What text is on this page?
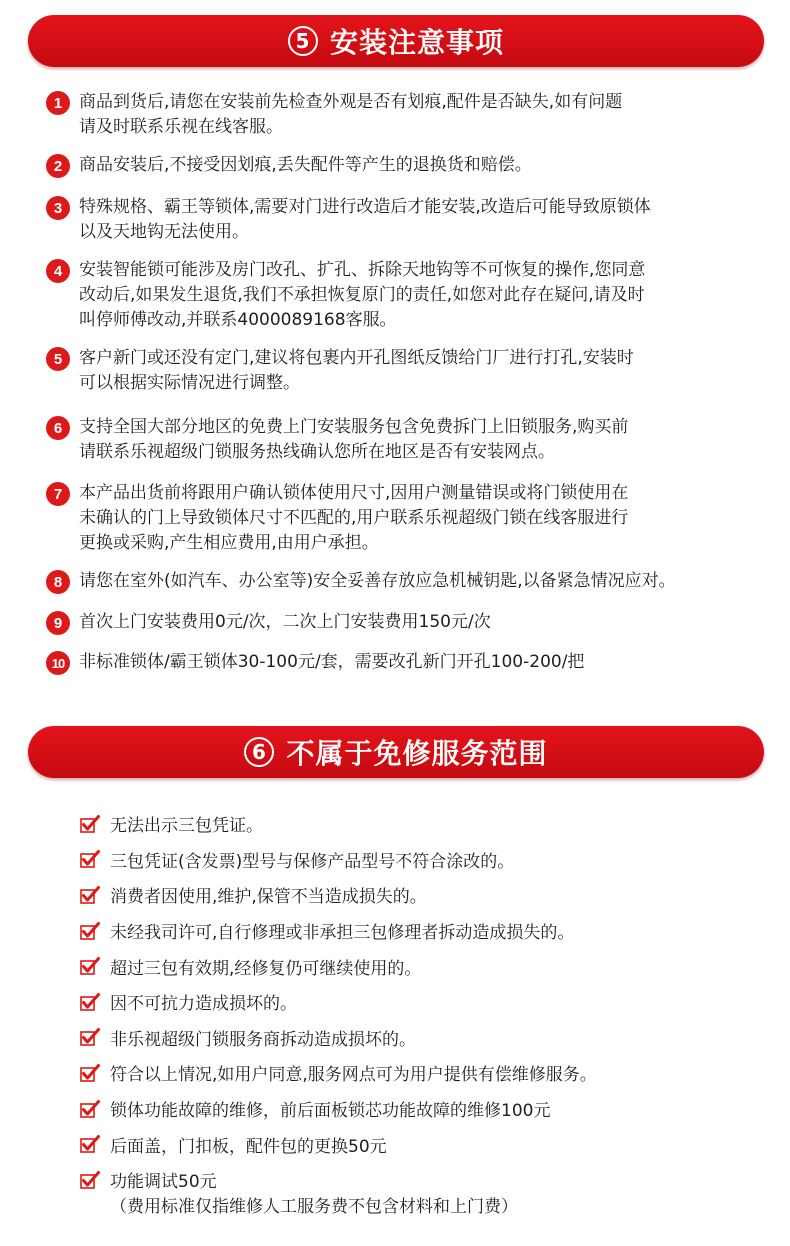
5 安装注意事项
1 商品到货后,请您在安装前先检查外观是否有划痕,配件是否缺失,如有问题
请及时联系乐视在线客服。
2 商品安装后,不接受因划痕,丢失配件等产生的退换货和赔偿。
3 特殊规格、霸王等锁体,需要对门进行改造后才能安装,改造后可能导致原锁体
以及天地钩无法使用。
4 安装智能锁可能涉及房门改孔、扩孔、拆除天地钩等不可恢复的操作,您同意
改动后,如果发生退货,我们不承担恢复原门的责任,如您对此存在疑问,请及时
叫停师傅改动,并联系4000089168客服。
5 客户新门或还没有定门,建议将包裹内开孔图纸反馈给门厂进行打孔,安装时
可以根据实际情况进行调整。
6 支持全国大部分地区的免费上门安装服务包含免费拆门上旧锁服务,购买前
请联系乐视超级门锁服务热线确认您所在地区是否有安装网点。
7 本产品出货前将跟用户确认锁体使用尺寸,因用户测量错误或将门锁使用在
未确认的门上导致锁体尺寸不匹配的,用户联系乐视超级门锁在线客服进行
更换或采购,产生相应费用,由用户承担。
8 请您在室外(如汽车、办公室等)安全妥善存放应急机械钥匙,以备紧急情况应对。
9 首次上门安装费用0元/次，二次上门安装费用150元/次
10 非标准锁体/霸王锁体30-100元/套，需要改孔新门开孔100-200/把
6 不属于免修服务范围
无法出示三包凭证。
三包凭证(含发票)型号与保修产品型号不符合涂改的。
消费者因使用,维护,保管不当造成损失的。
未经我司许可,自行修理或非承担三包修理者拆动造成损失的。
超过三包有效期,经修复仍可继续使用的。
因不可抗力造成损坏的。
非乐视超级门锁服务商拆动造成损坏的。
符合以上情况,如用户同意,服务网点可为用户提供有偿维修服务。
锁体功能故障的维修，前后面板锁芯功能故障的维修100元
后面盖，门扣板，配件包的更换50元
功能调试50元
（费用标准仅指维修人工服务费不包含材料和上门费）
